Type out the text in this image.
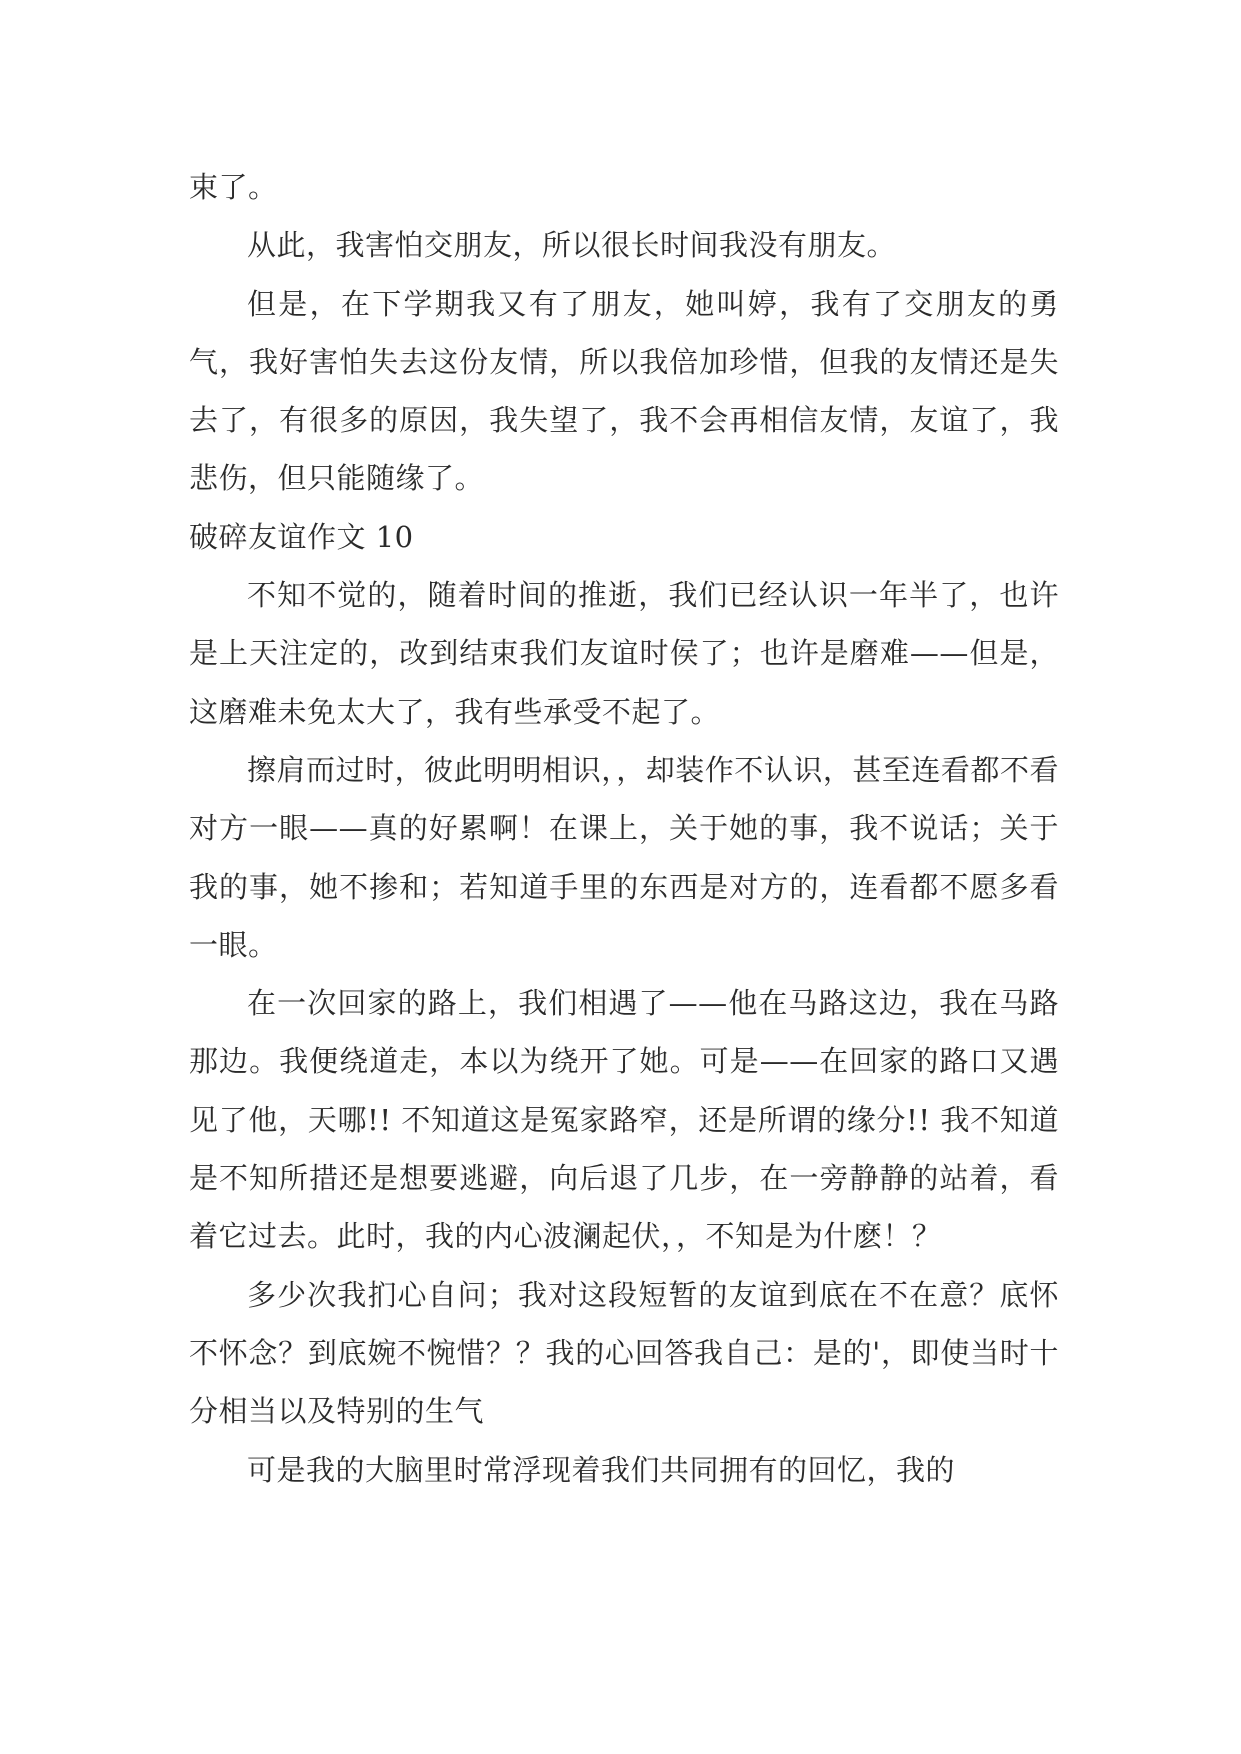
束了。

从此，我害怕交朋友，所以很长时间我没有朋友。

但是，在下学期我又有了朋友，她叫婷，我有了交朋友的勇气，我好害怕失去这份友情，所以我倍加珍惜，但我的友情还是失去了，有很多的原因，我失望了，我不会再相信友情，友谊了，我悲伤，但只能随缘了。

破碎友谊作文 10

不知不觉的，随着时间的推逝，我们已经认识一年半了，也许是上天注定的，改到结束我们友谊时侯了；也许是磨难——但是，这磨难未免太大了，我有些承受不起了。

擦肩而过时，彼此明明相识，，却装作不认识，甚至连看都不看对方一眼——真的好累啊！在课上，关于她的事，我不说话；关于我的事，她不掺和；若知道手里的东西是对方的，连看都不愿多看一眼。

在一次回家的路上，我们相遇了——他在马路这边，我在马路那边。我便绕道走，本以为绕开了她。可是——在回家的路口又遇见了他，天哪!! 不知道这是冤家路窄，还是所谓的缘分!! 我不知道是不知所措还是想要逃避，向后退了几步，在一旁静静的站着，看着它过去。此时，我的内心波澜起伏，，不知是为什麽！？

多少次我扪心自问；我对这段短暂的友谊到底在不在意？底怀不怀念？到底婉不惋惜？？我的心回答我自己：是的'，即使当时十分相当以及特别的生气

可是我的大脑里时常浮现着我们共同拥有的回忆，我的
